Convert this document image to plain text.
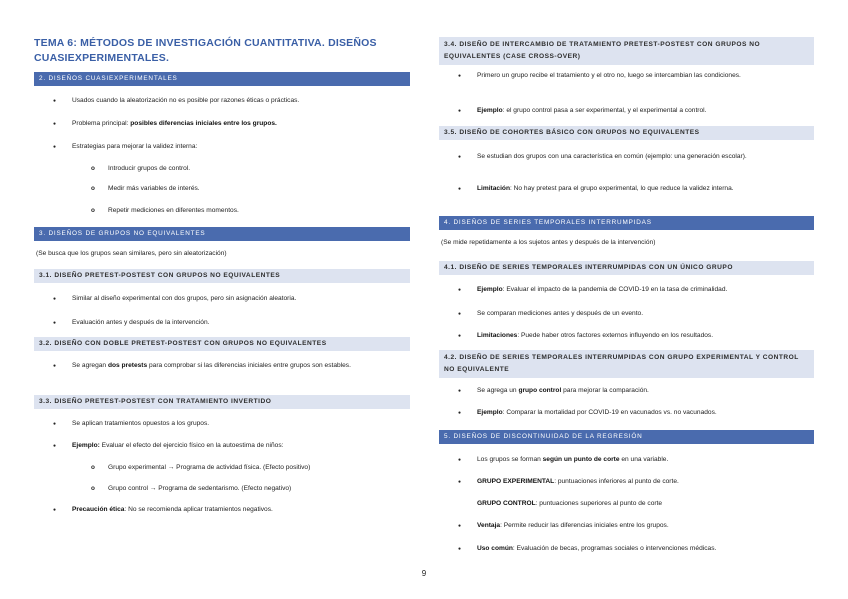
TEMA 6: MÉTODOS DE INVESTIGACIÓN CUANTITATIVA. DISEÑOS CUASIEXPERIMENTALES.
2. DISEÑOS CUASIEXPERIMENTALES
● Usados cuando la aleatorización no es posible por razones éticas o prácticas.
● Problema principal: posibles diferencias iniciales entre los grupos.
● Estrategias para mejorar la validez interna:
o Introducir grupos de control.
o Medir más variables de interés.
o Repetir mediciones en diferentes momentos.
3. DISEÑOS DE GRUPOS NO EQUIVALENTES
(Se busca que los grupos sean similares, pero sin aleatorización)
3.1. DISEÑO PRETEST-POSTEST CON GRUPOS NO EQUIVALENTES
● Similar al diseño experimental con dos grupos, pero sin asignación aleatoria.
● Evaluación antes y después de la intervención.
3.2. DISEÑO CON DOBLE PRETEST-POSTEST CON GRUPOS NO EQUIVALENTES
● Se agregan dos pretests para comprobar si las diferencias iniciales entre grupos son estables.
3.3. DISEÑO PRETEST-POSTEST CON TRATAMIENTO INVERTIDO
● Se aplican tratamientos opuestos a los grupos.
● Ejemplo: Evaluar el efecto del ejercicio físico en la autoestima de niños:
o Grupo experimental → Programa de actividad física. (Efecto positivo)
o Grupo control → Programa de sedentarismo. (Efecto negativo)
● Precaución ética: No se recomienda aplicar tratamientos negativos.
3.4. DISEÑO DE INTERCAMBIO DE TRATAMIENTO PRETEST-POSTEST CON GRUPOS NO EQUIVALENTES (CASE CROSS-OVER)
● Primero un grupo recibe el tratamiento y el otro no, luego se intercambian las condiciones.
● Ejemplo: el grupo control pasa a ser experimental, y el experimental a control.
3.5. DISEÑO DE COHORTES BÁSICO CON GRUPOS NO EQUIVALENTES
● Se estudian dos grupos con una característica en común (ejemplo: una generación escolar).
● Limitación: No hay pretest para el grupo experimental, lo que reduce la validez interna.
4. DISEÑOS DE SERIES TEMPORALES INTERRUMPIDAS
(Se mide repetidamente a los sujetos antes y después de la intervención)
4.1. DISEÑO DE SERIES TEMPORALES INTERRUMPIDAS CON UN ÚNICO GRUPO
● Ejemplo: Evaluar el impacto de la pandemia de COVID-19 en la tasa de criminalidad.
● Se comparan mediciones antes y después de un evento.
● Limitaciones: Puede haber otros factores externos influyendo en los resultados.
4.2. DISEÑO DE SERIES TEMPORALES INTERRUMPIDAS CON GRUPO EXPERIMENTAL Y CONTROL NO EQUIVALENTE
● Se agrega un grupo control para mejorar la comparación.
● Ejemplo: Comparar la mortalidad por COVID-19 en vacunados vs. no vacunados.
5. DISEÑOS DE DISCONTINUIDAD DE LA REGRESIÓN
● Los grupos se forman según un punto de corte en una variable.
● GRUPO EXPERIMENTAL: puntuaciones inferiores al punto de corte.
GRUPO CONTROL: puntuaciones superiores al punto de corte
● Ventaja: Permite reducir las diferencias iniciales entre los grupos.
● Uso común: Evaluación de becas, programas sociales o intervenciones médicas.
9
